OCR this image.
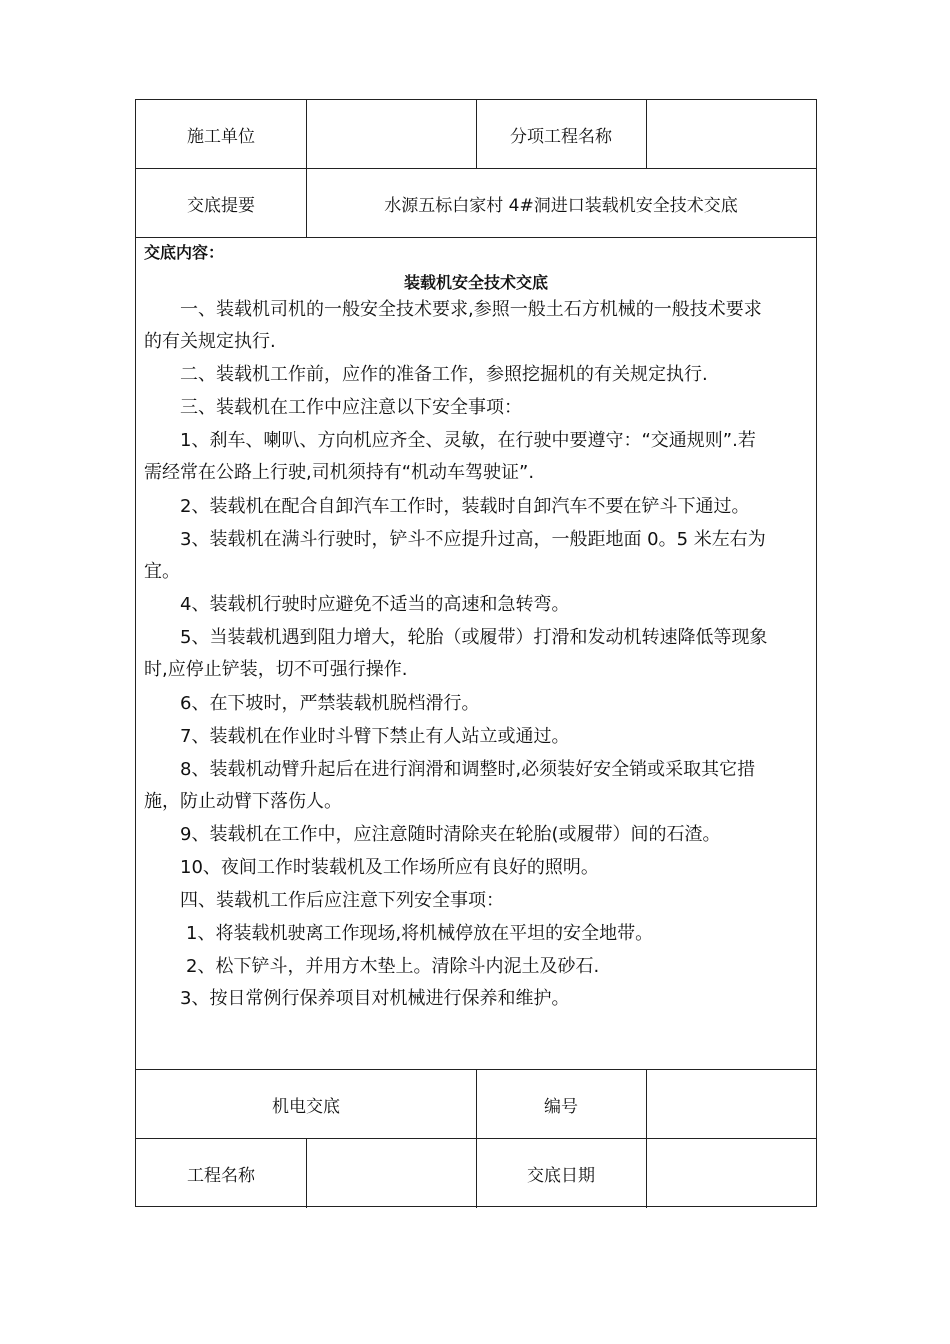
施工单位	分项工程名称
交底提要	水源五标白家村 4#洞进口装载机安全技术交底
交底内容：
装载机安全技术交底
一、装载机司机的一般安全技术要求,参照一般土石方机械的一般技术要求
的有关规定执行.
二、装载机工作前，应作的准备工作，参照挖掘机的有关规定执行.
三、装载机在工作中应注意以下安全事项：
1、刹车、喇叭、方向机应齐全、灵敏，在行驶中要遵守：“交通规则”.若
需经常在公路上行驶,司机须持有“机动车驾驶证”.
2、装载机在配合自卸汽车工作时，装载时自卸汽车不要在铲斗下通过。
3、装载机在满斗行驶时，铲斗不应提升过高，一般距地面 0。5 米左右为
宜。
4、装载机行驶时应避免不适当的高速和急转弯。
5、当装载机遇到阻力增大，轮胎（或履带）打滑和发动机转速降低等现象
时,应停止铲装，切不可强行操作.
6、在下坡时，严禁装载机脱档滑行。
7、装载机在作业时斗臂下禁止有人站立或通过。
8、装载机动臂升起后在进行润滑和调整时,必须装好安全销或采取其它措
施，防止动臂下落伤人。
9、装载机在工作中，应注意随时清除夹在轮胎(或履带）间的石渣。
10、夜间工作时装载机及工作场所应有良好的照明。
四、装载机工作后应注意下列安全事项：
1、将装载机驶离工作现场,将机械停放在平坦的安全地带。
2、松下铲斗，并用方木垫上。清除斗内泥土及砂石.
3、按日常例行保养项目对机械进行保养和维护。
机电交底	编号
工程名称	交底日期
